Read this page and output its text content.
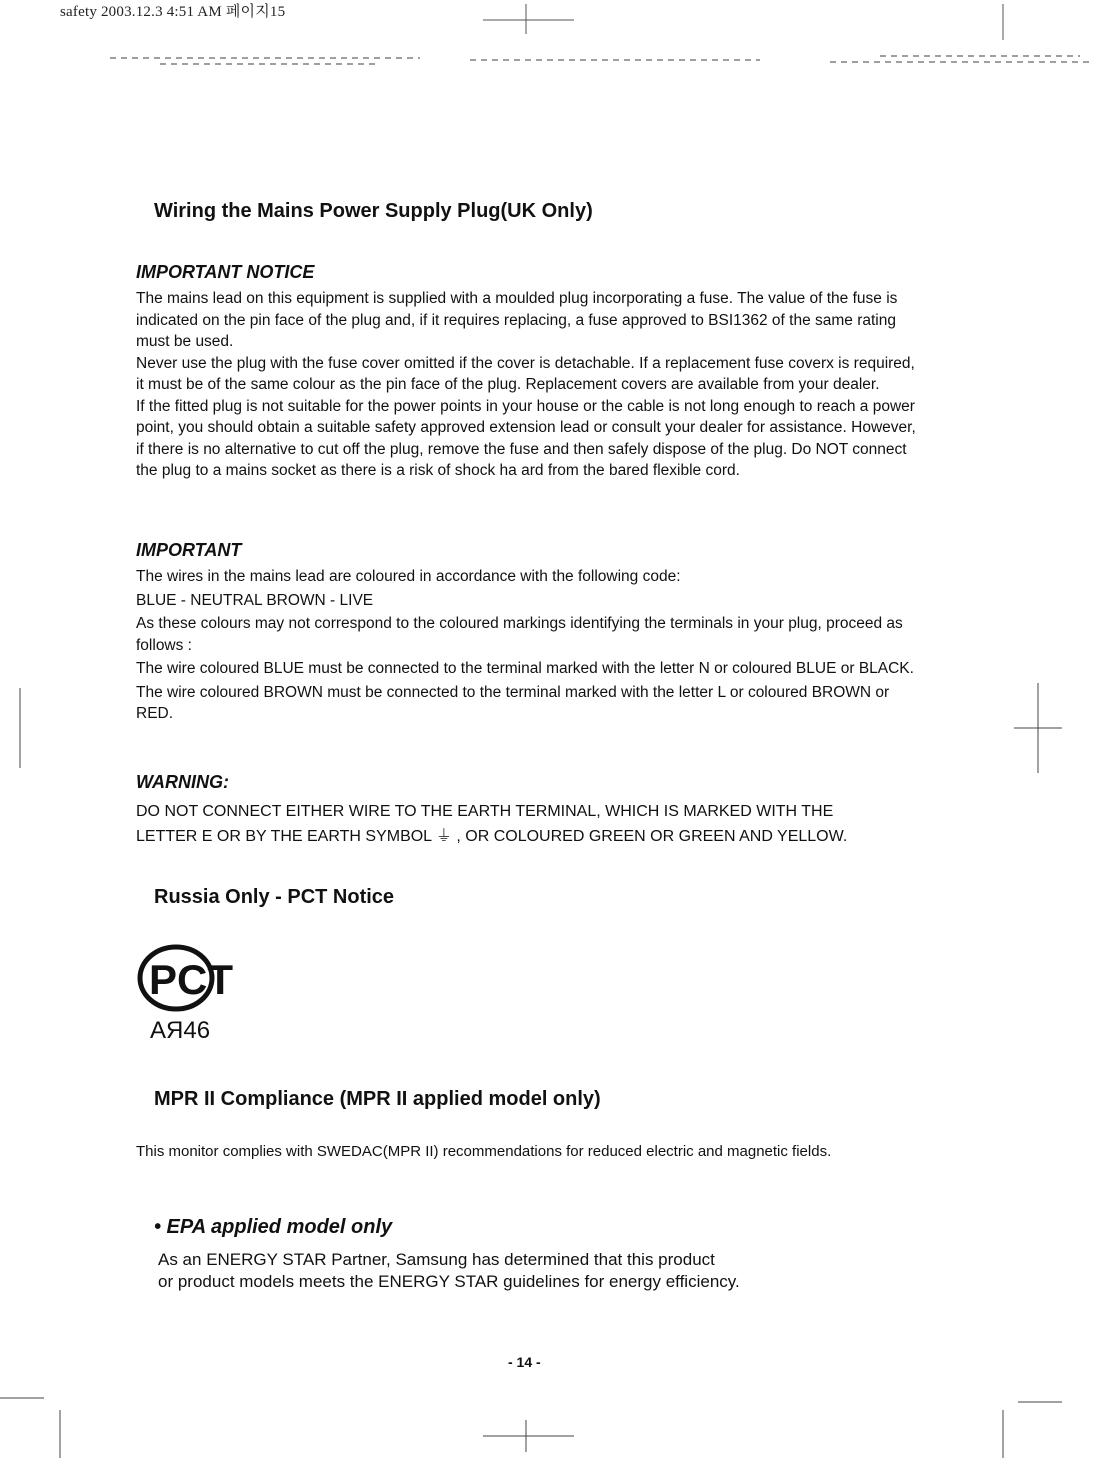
safety 2003.12.3 4:51 AM 페이지15
Wiring the Mains Power Supply Plug(UK Only)
IMPORTANT NOTICE

The mains lead on this equipment is supplied with a moulded plug incorporating a fuse. The value of the fuse is indicated on the pin face of the plug and, if it requires replacing, a fuse approved to BSI1362 of the same rating must be used.

Never use the plug with the fuse cover omitted if the cover is detachable. If a replacement fuse coverx is required, it must be of the same colour as the pin face of the plug. Replacement covers are available from your dealer.

If the fitted plug is not suitable for the power points in your house or the cable is not long enough to reach a power point, you should obtain a suitable safety approved extension lead or consult your dealer for assistance. However, if there is no alternative to cut off the plug, remove the fuse and then safely dispose of the plug. Do NOT connect the plug to a mains socket as there is a risk of shock ha ard from the bared flexible cord.

IMPORTANT

The wires in the mains lead are coloured in accordance with the following code:

BLUE - NEUTRAL BROWN - LIVE

As these colours may not correspond to the coloured markings identifying the terminals in your plug, proceed as follows :

The wire coloured BLUE must be connected to the terminal marked with the letter N or coloured BLUE or BLACK.

The wire coloured BROWN must be connected to the terminal marked with the letter L or coloured BROWN or RED.

WARNING:

DO NOT CONNECT EITHER WIRE TO THE EARTH TERMINAL, WHICH IS MARKED WITH THE

LETTER E OR BY THE EARTH SYMBOL ⏚ , OR COLOURED GREEN OR GREEN AND YELLOW.

Russia Only - PCT Notice
PCT
AЯ46
MPR II Compliance (MPR II applied model only)
This monitor complies with SWEDAC(MPR II) recommendations for reduced electric and magnetic fields.
• EPA applied model only
As an ENERGY STAR Partner, Samsung has determined that this product
or product models meets the ENERGY STAR guidelines for energy efficiency.
- 14 -
